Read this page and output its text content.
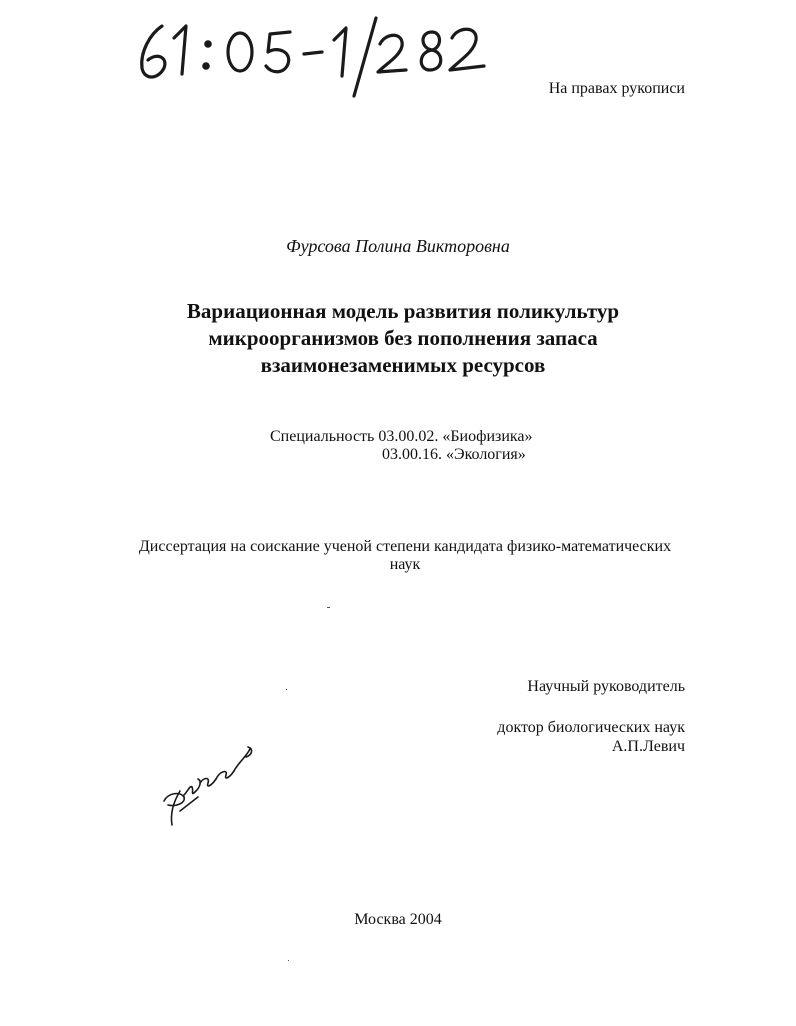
На правах рукописи
Фурсова Полина Викторовна
Вариационная модель развития поликультур
микроорганизмов без пополнения запаса
взаимонезаменимых ресурсов
Специальность 03.00.02. «Биофизика»
03.00.16. «Экология»
Диссертация на соискание ученой степени кандидата физико-математических
наук
Научный руководитель
доктор биологических наук
А.П.Левич
Москва 2004
